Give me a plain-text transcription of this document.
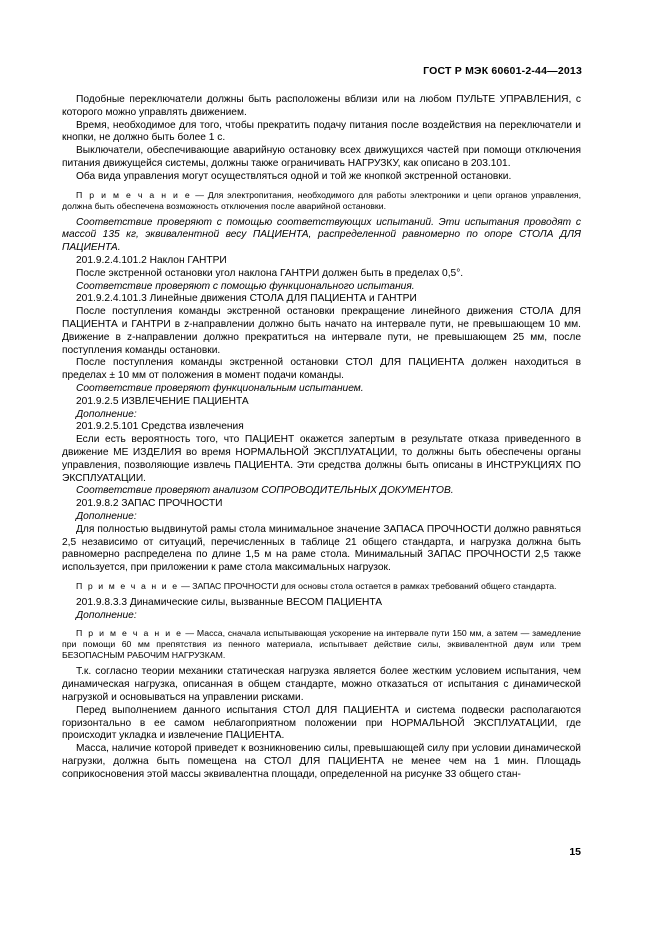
ГОСТ Р МЭК 60601-2-44—2013

Подобные переключатели должны быть расположены вблизи или на любом ПУЛЬТЕ УПРАВЛЕНИЯ, с которого можно управлять движением.

Время, необходимое для того, чтобы прекратить подачу питания после воздействия на переключатели и кнопки, не должно быть более 1 с.

Выключатели, обеспечивающие аварийную остановку всех движущихся частей при помощи отключения питания движущейся системы, должны также ограничивать НАГРУЗКУ, как описано в 203.101.

Оба вида управления могут осуществляться одной и той же кнопкой экстренной остановки.

П р и м е ч а н и е — Для электропитания, необходимого для работы электроники и цепи органов управления, должна быть обеспечена возможность отключения после аварийной остановки.

Соответствие проверяют с помощью соответствующих испытаний. Эти испытания проводят с массой 135 кг, эквивалентной весу ПАЦИЕНТА, распределенной равномерно по опоре СТОЛА ДЛЯ ПАЦИЕНТА.

201.9.2.4.101.2 Наклон ГАНТРИ

После экстренной остановки угол наклона ГАНТРИ должен быть в пределах 0,5°.

Соответствие проверяют с помощью функционального испытания.

201.9.2.4.101.3 Линейные движения СТОЛА ДЛЯ ПАЦИЕНТА и ГАНТРИ

После поступления команды экстренной остановки прекращение линейного движения СТОЛА ДЛЯ ПАЦИЕНТА и ГАНТРИ в z-направлении должно быть начато на интервале пути, не превышающем 10 мм. Движение в z-направлении должно прекратиться на интервале пути, не превышающем 25 мм, после поступления команды остановки.

После поступления команды экстренной остановки СТОЛ ДЛЯ ПАЦИЕНТА должен находиться в пределах ± 10 мм от положения в момент подачи команды.

Соответствие проверяют функциональным испытанием.

201.9.2.5 ИЗВЛЕЧЕНИЕ ПАЦИЕНТА

Дополнение:

201.9.2.5.101 Средства извлечения

Если есть вероятность того, что ПАЦИЕНТ окажется запертым в результате отказа приведенного в движение МЕ ИЗДЕЛИЯ во время НОРМАЛЬНОЙ ЭКСПЛУАТАЦИИ, то должны быть обеспечены органы управления, позволяющие извлечь ПАЦИЕНТА. Эти средства должны быть описаны в ИНСТРУКЦИЯХ ПО ЭКСПЛУАТАЦИИ.

Соответствие проверяют анализом СОПРОВОДИТЕЛЬНЫХ ДОКУМЕНТОВ.

201.9.8.2 ЗАПАС ПРОЧНОСТИ

Дополнение:

Для полностью выдвинутой рамы стола минимальное значение ЗАПАСА ПРОЧНОСТИ должно равняться 2,5 независимо от ситуаций, перечисленных в таблице 21 общего стандарта, и нагрузка должна быть равномерно распределена по длине 1,5 м на раме стола. Минимальный ЗАПАС ПРОЧНОСТИ 2,5 также используется, при приложении к раме стола максимальных нагрузок.

П р и м е ч а н и е — ЗАПАС ПРОЧНОСТИ для основы стола остается в рамках требований общего стандарта.

201.9.8.3.3 Динамические силы, вызванные ВЕСОМ ПАЦИЕНТА

Дополнение:

П р и м е ч а н и е — Масса, сначала испытывающая ускорение на интервале пути 150 мм, а затем — замедление при помощи 60 мм препятствия из пенного материала, испытывает действие силы, эквивалентной двум или трем БЕЗОПАСНЫМ РАБОЧИМ НАГРУЗКАМ.

Т.к. согласно теории механики статическая нагрузка является более жестким условием испытания, чем динамическая нагрузка, описанная в общем стандарте, можно отказаться от испытания с динамической нагрузкой и основываться на управлении рисками.

Перед выполнением данного испытания СТОЛ ДЛЯ ПАЦИЕНТА и система подвески располагаются горизонтально в ее самом неблагоприятном положении при НОРМАЛЬНОЙ ЭКСПЛУАТАЦИИ, где происходит укладка и извлечение ПАЦИЕНТА.

Масса, наличие которой приведет к возникновению силы, превышающей силу при условии динамической нагрузки, должна быть помещена на СТОЛ ДЛЯ ПАЦИЕНТА не менее чем на 1 мин. Площадь соприкосновения этой массы эквивалентна площади, определенной на рисунке 33 общего стан-

15
